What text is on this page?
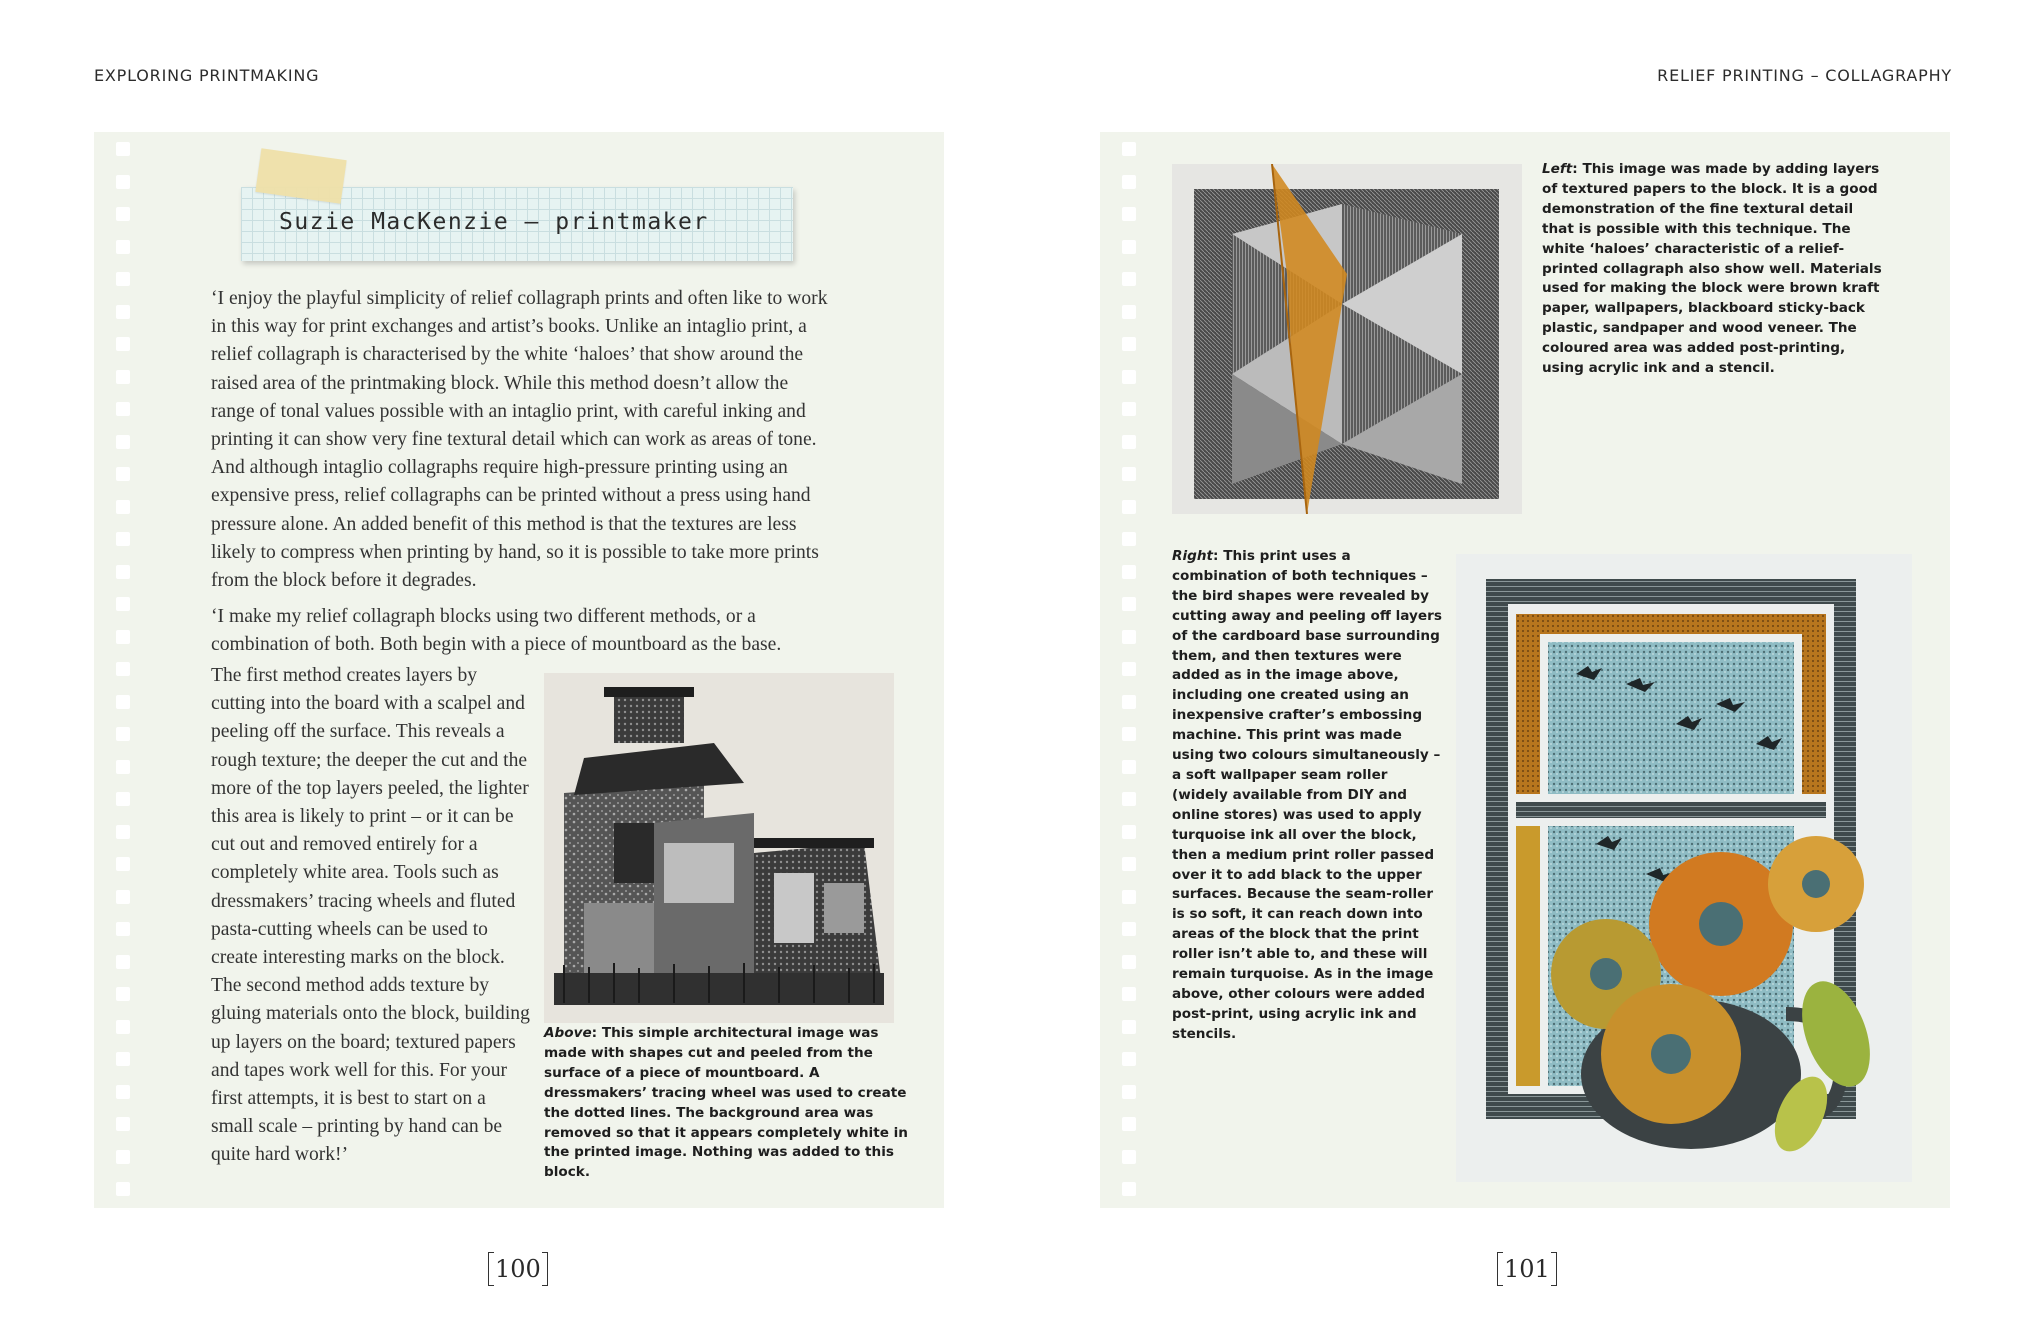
EXPLORING PRINTMAKING	RELIEF PRINTING – COLLAGRAPHY
Suzie MacKenzie — printmaker

‘I enjoy the playful simplicity of relief collagraph prints and often like to work in this way for print exchanges and artist’s books. Unlike an intaglio print, a relief collagraph is characterised by the white ‘haloes’ that show around the raised area of the printmaking block. While this method doesn’t allow the range of tonal values possible with an intaglio print, with careful inking and printing it can show very fine textural detail which can work as areas of tone. And although intaglio collagraphs require high-pressure printing using an expensive press, relief collagraphs can be printed without a press using hand pressure alone. An added benefit of this method is that the textures are less likely to compress when printing by hand, so it is possible to take more prints from the block before it degrades.

‘I make my relief collagraph blocks using two different methods, or a combination of both. Both begin with a piece of mountboard as the base.

The first method creates layers by cutting into the board with a scalpel and peeling off the surface. This reveals a rough texture; the deeper the cut and the more of the top layers peeled, the lighter this area is likely to print – or it can be cut out and removed entirely for a completely white area. Tools such as dressmakers’ tracing wheels and fluted pasta-cutting wheels can be used to create interesting marks on the block. The second method adds texture by gluing materials onto the block, building up layers on the board; textured papers and tapes work well for this. For your first attempts, it is best to start on a small scale – printing by hand can be quite hard work!’

Above: This simple architectural image was made with shapes cut and peeled from the surface of a piece of mountboard. A dressmakers’ tracing wheel was used to create the dotted lines. The background area was removed so that it appears completely white in the printed image. Nothing was added to this block.
Left: This image was made by adding layers of textured papers to the block. It is a good demonstration of the fine textural detail that is possible with this technique. The white ‘haloes’ characteristic of a relief-printed collagraph also show well. Materials used for making the block were brown kraft paper, wallpapers, blackboard sticky-back plastic, sandpaper and wood veneer. The coloured area was added post-printing, using acrylic ink and a stencil.
Right: This print uses a combination of both techniques – the bird shapes were revealed by cutting away and peeling off layers of the cardboard base surrounding them, and then textures were added as in the image above, including one created using an inexpensive crafter’s embossing machine. This print was made using two colours simultaneously – a soft wallpaper seam roller (widely available from DIY and online stores) was used to apply turquoise ink all over the block, then a medium print roller passed over it to add black to the upper surfaces. Because the seam-roller is so soft, it can reach down into areas of the block that the print roller isn’t able to, and these will remain turquoise. As in the image above, other colours were added post-print, using acrylic ink and stencils.
100	101
